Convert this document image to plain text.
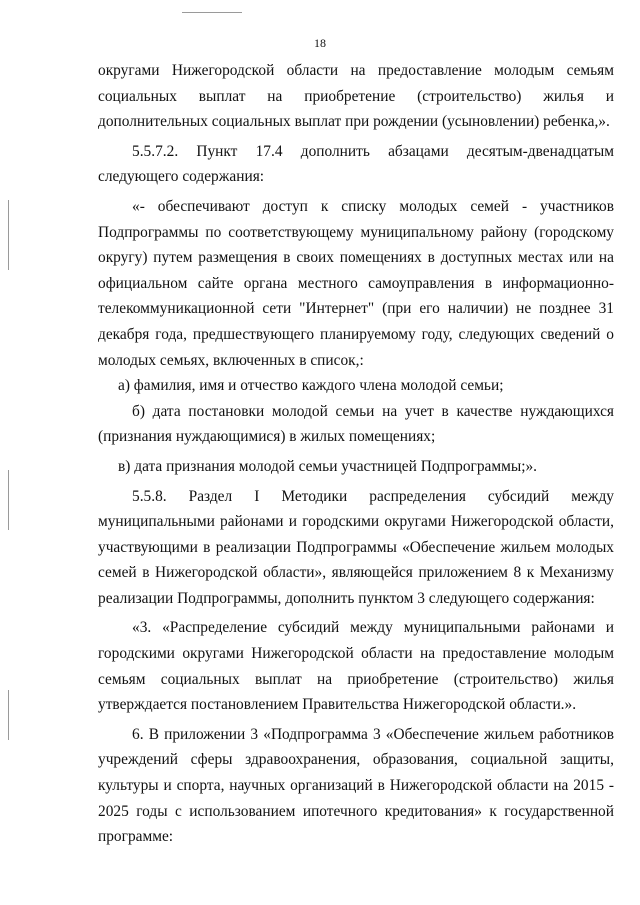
18

округами Нижегородской области на предоставление молодым семьям социальных выплат на приобретение (строительство) жилья и дополнительных социальных выплат при рождении (усыновлении) ребенка,».

5.5.7.2. Пункт 17.4 дополнить абзацами десятым-двенадцатым следующего содержания:

«- обеспечивают доступ к списку молодых семей - участников Подпрограммы по соответствующему муниципальному району (городскому округу) путем размещения в своих помещениях в доступных местах или на официальном сайте органа местного самоуправления в информационно-телекоммуникационной сети "Интернет" (при его наличии) не позднее 31 декабря года, предшествующего планируемому году, следующих сведений о молодых семьях, включенных в список,:

а) фамилия, имя и отчество каждого члена молодой семьи;

б) дата постановки молодой семьи на учет в качестве нуждающихся (признания нуждающимися) в жилых помещениях;

в) дата признания молодой семьи участницей Подпрограммы;».

5.5.8. Раздел I Методики распределения субсидий между муниципальными районами и городскими округами Нижегородской области, участвующими в реализации Подпрограммы «Обеспечение жильем молодых семей в Нижегородской области», являющейся приложением 8 к Механизму реализации Подпрограммы, дополнить пунктом 3 следующего содержания:

«3. «Распределение субсидий между муниципальными районами и городскими округами Нижегородской области на предоставление молодым семьям социальных выплат на приобретение (строительство) жилья утверждается постановлением Правительства Нижегородской области.».

6. В приложении 3 «Подпрограмма 3 «Обеспечение жильем работников учреждений сферы здравоохранения, образования, социальной защиты, культуры и спорта, научных организаций в Нижегородской области на 2015 - 2025 годы с использованием ипотечного кредитования» к государственной программе:
